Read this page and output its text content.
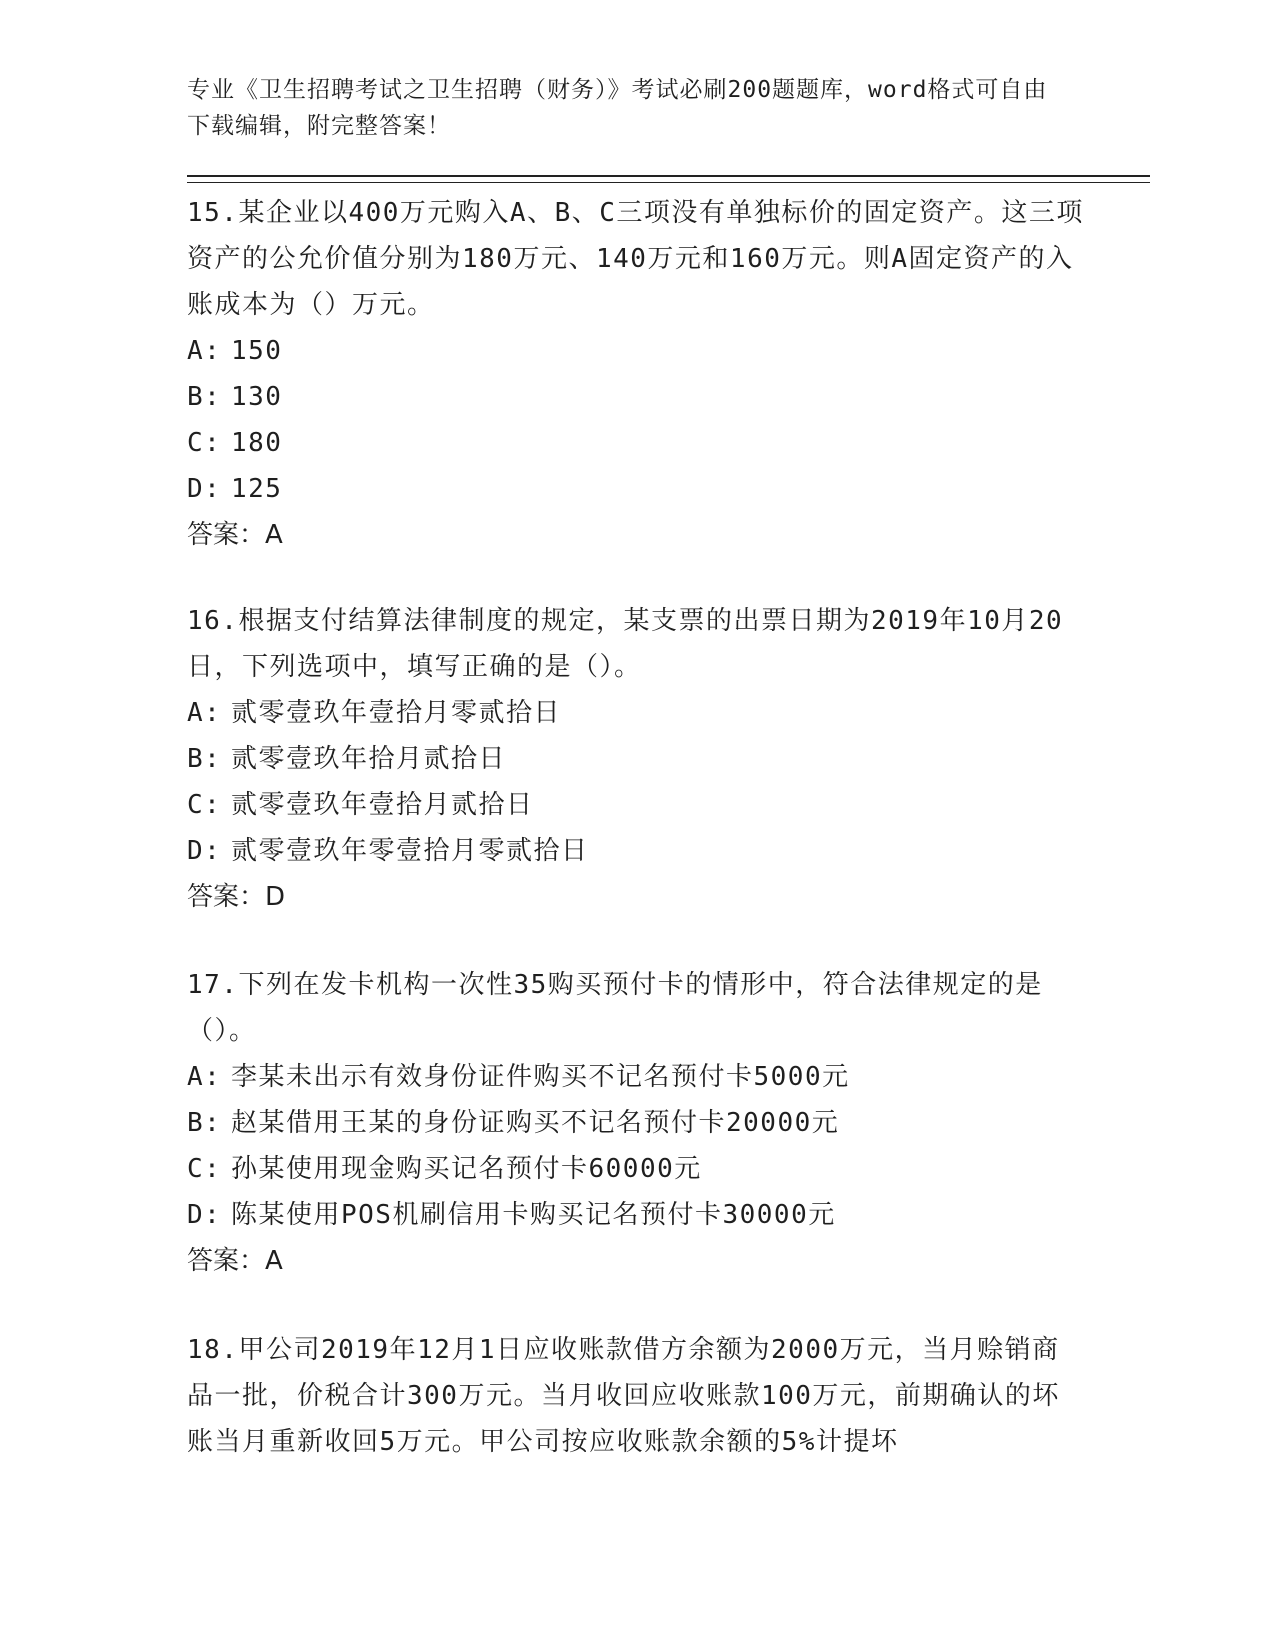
专业《卫生招聘考试之卫生招聘（财务）》考试必刷200题题库，word格式可自由下载编辑，附完整答案！
15.某企业以400万元购入A、B、C三项没有单独标价的固定资产。这三项资产的公允价值分别为180万元、140万元和160万元。则A固定资产的入账成本为（）万元。
A: 150
B: 130
C: 180
D: 125
答案：A
16.根据支付结算法律制度的规定，某支票的出票日期为2019年10月20日，下列选项中，填写正确的是（）。
A: 贰零壹玖年壹拾月零贰拾日
B: 贰零壹玖年拾月贰拾日
C: 贰零壹玖年壹拾月贰拾日
D: 贰零壹玖年零壹拾月零贰拾日
答案：D
17.下列在发卡机构一次性35购买预付卡的情形中，符合法律规定的是（）。
A: 李某未出示有效身份证件购买不记名预付卡5000元
B: 赵某借用王某的身份证购买不记名预付卡20000元
C: 孙某使用现金购买记名预付卡60000元
D: 陈某使用POS机刷信用卡购买记名预付卡30000元
答案：A
18.甲公司2019年12月1日应收账款借方余额为2000万元，当月赊销商品一批，价税合计300万元。当月收回应收账款100万元，前期确认的坏账当月重新收回5万元。甲公司按应收账款余额的5%计提坏
